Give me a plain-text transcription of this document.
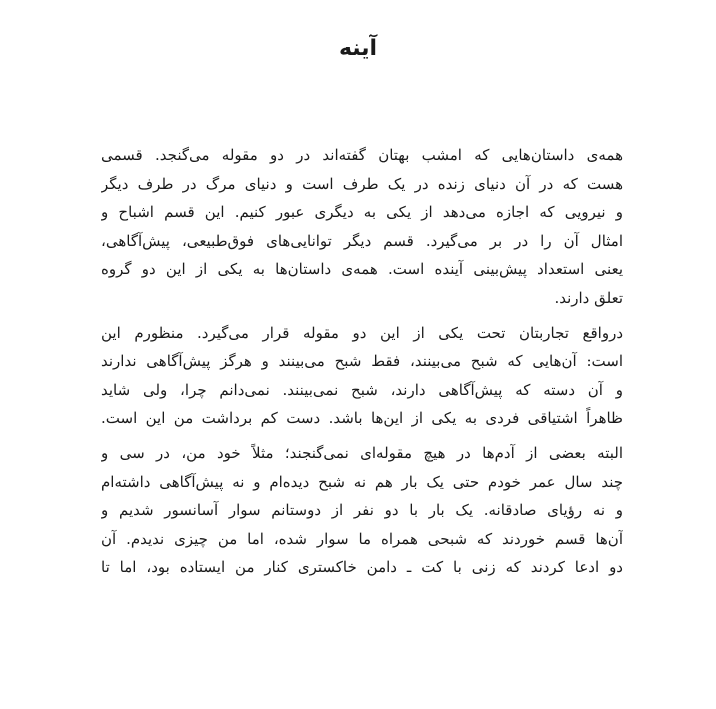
آینه
همه‌ی داستان‌هایی که امشب بهتان گفته‌اند در دو مقوله می‌گنجد. قسمی
هست که در آن دنیای زنده در یک طرف است و دنیای مرگ در طرف دیگر
و نیرویی که اجازه می‌دهد از یکی به دیگری عبور کنیم. این قسم اشباح و
امثال آن را در بر می‌گیرد. قسم دیگر توانایی‌های فوق‌طبیعی، پیش‌آگاهی،
یعنی استعداد پیش‌بینی آینده است. همه‌ی داستان‌ها به یکی از این دو گروه
تعلق دارند.
درواقع تجاربتان تحت یکی از این دو مقوله قرار می‌گیرد. منظورم این
است: آن‌هایی که شبح می‌بینند، فقط شبح می‌بینند و هرگز پیش‌آگاهی ندارند
و آن دسته که پیش‌آگاهی دارند، شبح نمی‌بینند. نمی‌دانم چرا، ولی شاید
ظاهراً اشتیاقی فردی به یکی از این‌ها باشد. دست کم برداشت من این است.
البته بعضی از آدم‌ها در هیچ مقوله‌ای نمی‌گنجند؛ مثلاً خود من، در سی و
چند سال عمر خودم حتی یک بار هم نه شبح دیده‌ام و نه پیش‌آگاهی داشته‌ام
و نه رؤیای صادقانه. یک بار با دو نفر از دوستانم سوار آسانسور شدیم و
آن‌ها قسم خوردند که شبحی همراه ما سوار شده، اما من چیزی ندیدم. آن
دو ادعا کردند که زنی با کت ـ دامن خاکستری کنار من ایستاده بود، اما تا
